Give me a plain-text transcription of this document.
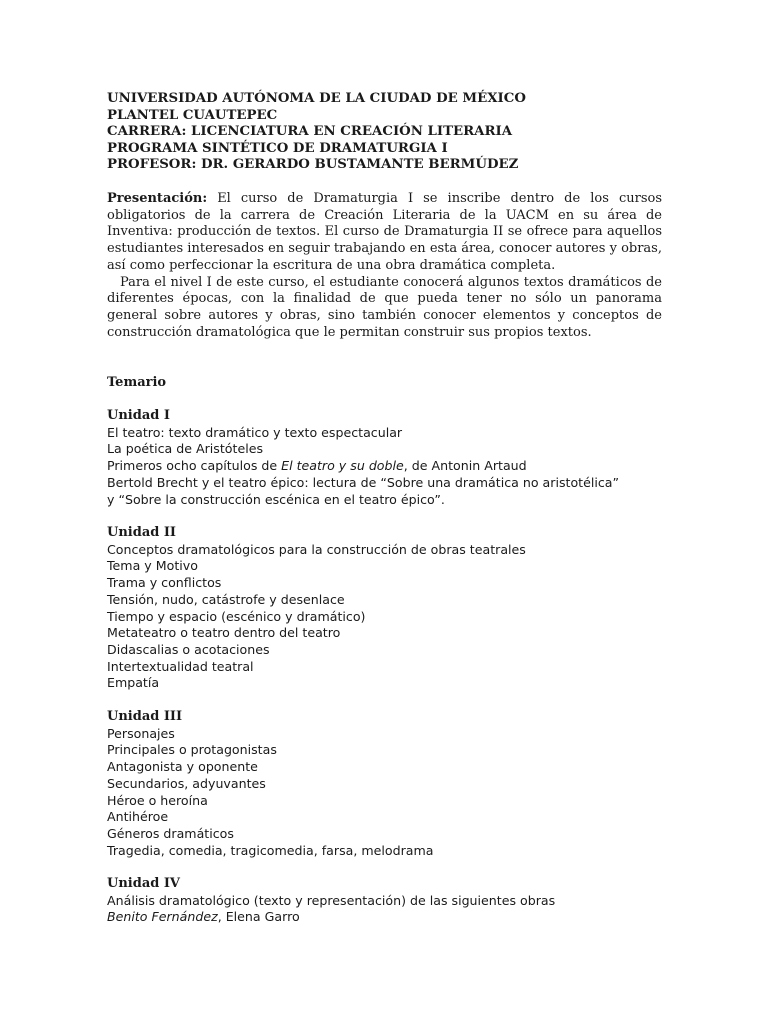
UNIVERSIDAD AUTÓNOMA DE LA CIUDAD DE MÉXICO
PLANTEL CUAUTEPEC
CARRERA: LICENCIATURA EN CREACIÓN LITERARIA
PROGRAMA SINTÉTICO DE DRAMATURGIA I
PROFESOR: DR. GERARDO BUSTAMANTE BERMÚDEZ

Presentación: El curso de Dramaturgia I se inscribe dentro de los cursos obligatorios de la carrera de Creación Literaria de la UACM en su área de Inventiva: producción de textos. El curso de Dramaturgia II se ofrece para aquellos estudiantes interesados en seguir trabajando en esta área, conocer autores y obras, así como perfeccionar la escritura de una obra dramática completa.

Para el nivel I de este curso, el estudiante conocerá algunos textos dramáticos de diferentes épocas, con la finalidad de que pueda tener no sólo un panorama general sobre autores y obras, sino también conocer elementos y conceptos de construcción dramatológica que le permitan construir sus propios textos.

Temario
Unidad I
El teatro: texto dramático y texto espectacular
La poética de Aristóteles
Primeros ocho capítulos de El teatro y su doble, de Antonin Artaud
Bertold Brecht y el teatro épico: lectura de “Sobre una dramática no aristotélica”
y “Sobre la construcción escénica en el teatro épico”.
Unidad II
Conceptos dramatológicos para la construcción de obras teatrales
Tema y Motivo
Trama y conflictos
Tensión, nudo, catástrofe y desenlace
Tiempo y espacio (escénico y dramático)
Metateatro o teatro dentro del teatro
Didascalias o acotaciones
Intertextualidad teatral
Empatía
Unidad III
Personajes
Principales o protagonistas
Antagonista y oponente
Secundarios, adyuvantes
Héroe o heroína
Antihéroe
Géneros dramáticos
Tragedia, comedia, tragicomedia, farsa, melodrama
Unidad IV
Análisis dramatológico (texto y representación) de las siguientes obras
Benito Fernández, Elena Garro
